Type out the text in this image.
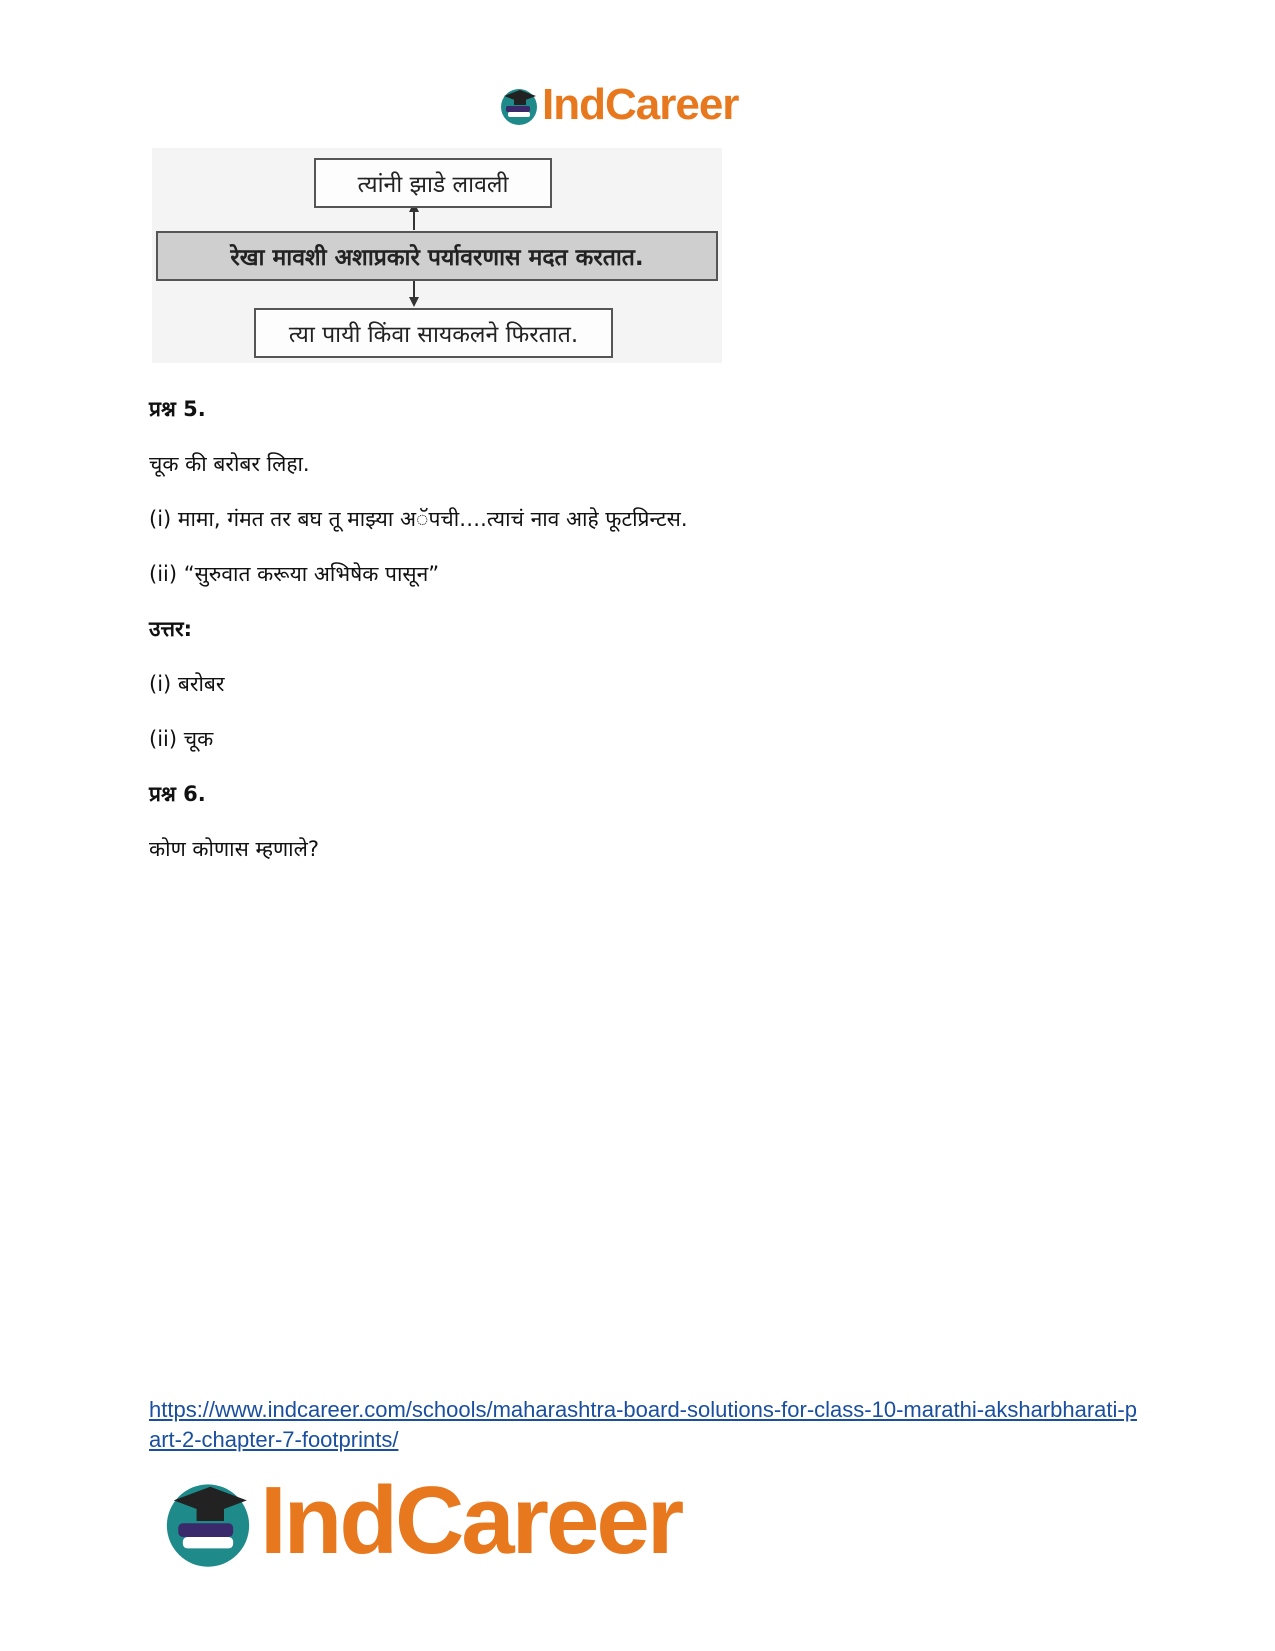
IndCareer
त्यांनी झाडे लावली
रेखा मावशी अशाप्रकारे पर्यावरणास मदत करतात.
त्या पायी किंवा सायकलने फिरतात.
प्रश्न 5.
चूक की बरोबर लिहा.
(i) मामा, गंमत तर बघ तू माझ्या अॅपची….त्याचं नाव आहे फूटप्रिन्टस.
(ii) “सुरुवात करूया अभिषेक पासून”
उत्तर:
(i) बरोबर
(ii) चूक
प्रश्न 6.
कोण कोणास म्हणाले?
https://www.indcareer.com/schools/maharashtra-board-solutions-for-class-10-marathi-aksharbharati-part-2-chapter-7-footprints/
IndCareer
